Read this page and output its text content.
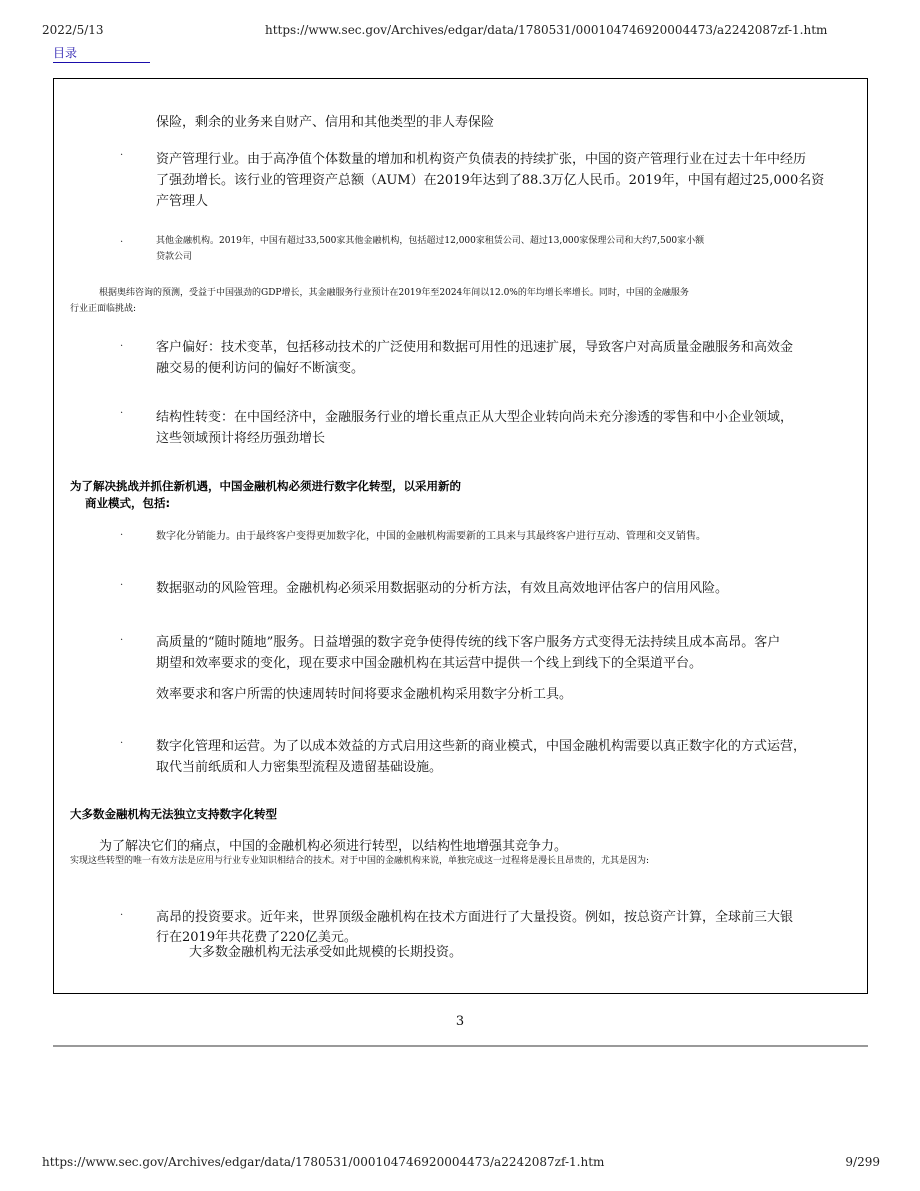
2022/5/13	https://www.sec.gov/Archives/edgar/data/1780531/000104746920004473/a2242087zf-1.htm
目录
保险，剩余的业务来自财产、信用和其他类型的非人寿保险
·	资产管理行业。由于高净值个体数量的增加和机构资产负债表的持续扩张，中国的资产管理行业在过去十年中经历
了强劲增长。该行业的管理资产总额（AUM）在2019年达到了88.3万亿人民币。2019年，中国有超过25,000名资
产管理人
·	其他金融机构。2019年，中国有超过33,500家其他金融机构，包括超过12,000家租赁公司、超过13,000家保理公司和大约7,500家小额
贷款公司
根据奥纬咨询的预测，受益于中国强劲的GDP增长，其金融服务行业预计在2019年至2024年间以12.0%的年均增长率增长。同时，中国的金融服务
行业正面临挑战:
·	客户偏好：技术变革，包括移动技术的广泛使用和数据可用性的迅速扩展，导致客户对高质量金融服务和高效金
融交易的便利访问的偏好不断演变。
·	结构性转变：在中国经济中，金融服务行业的增长重点正从大型企业转向尚未充分渗透的零售和中小企业领域，
这些领域预计将经历强劲增长
为了解决挑战并抓住新机遇，中国金融机构必须进行数字化转型，以采用新的
商业模式，包括:
·	数字化分销能力。由于最终客户变得更加数字化，中国的金融机构需要新的工具来与其最终客户进行互动、管理和交叉销售。
·	数据驱动的风险管理。金融机构必须采用数据驱动的分析方法，有效且高效地评估客户的信用风险。
·	高质量的“随时随地”服务。日益增强的数字竞争使得传统的线下客户服务方式变得无法持续且成本高昂。客户
期望和效率要求的变化，现在要求中国金融机构在其运营中提供一个线上到线下的全渠道平台。
效率要求和客户所需的快速周转时间将要求金融机构采用数字分析工具。
·	数字化管理和运营。为了以成本效益的方式启用这些新的商业模式，中国金融机构需要以真正数字化的方式运营，
取代当前纸质和人力密集型流程及遗留基础设施。
大多数金融机构无法独立支持数字化转型
为了解决它们的痛点，中国的金融机构必须进行转型，以结构性地增强其竞争力。
实现这些转型的唯一有效方法是应用与行业专业知识相结合的技术。对于中国的金融机构来说，单独完成这一过程将是漫长且昂贵的，尤其是因为:
·	高昂的投资要求。近年来，世界顶级金融机构在技术方面进行了大量投资。例如，按总资产计算，全球前三大银
行在2019年共花费了220亿美元。
大多数金融机构无法承受如此规模的长期投资。
3
https://www.sec.gov/Archives/edgar/data/1780531/000104746920004473/a2242087zf-1.htm	9/299
